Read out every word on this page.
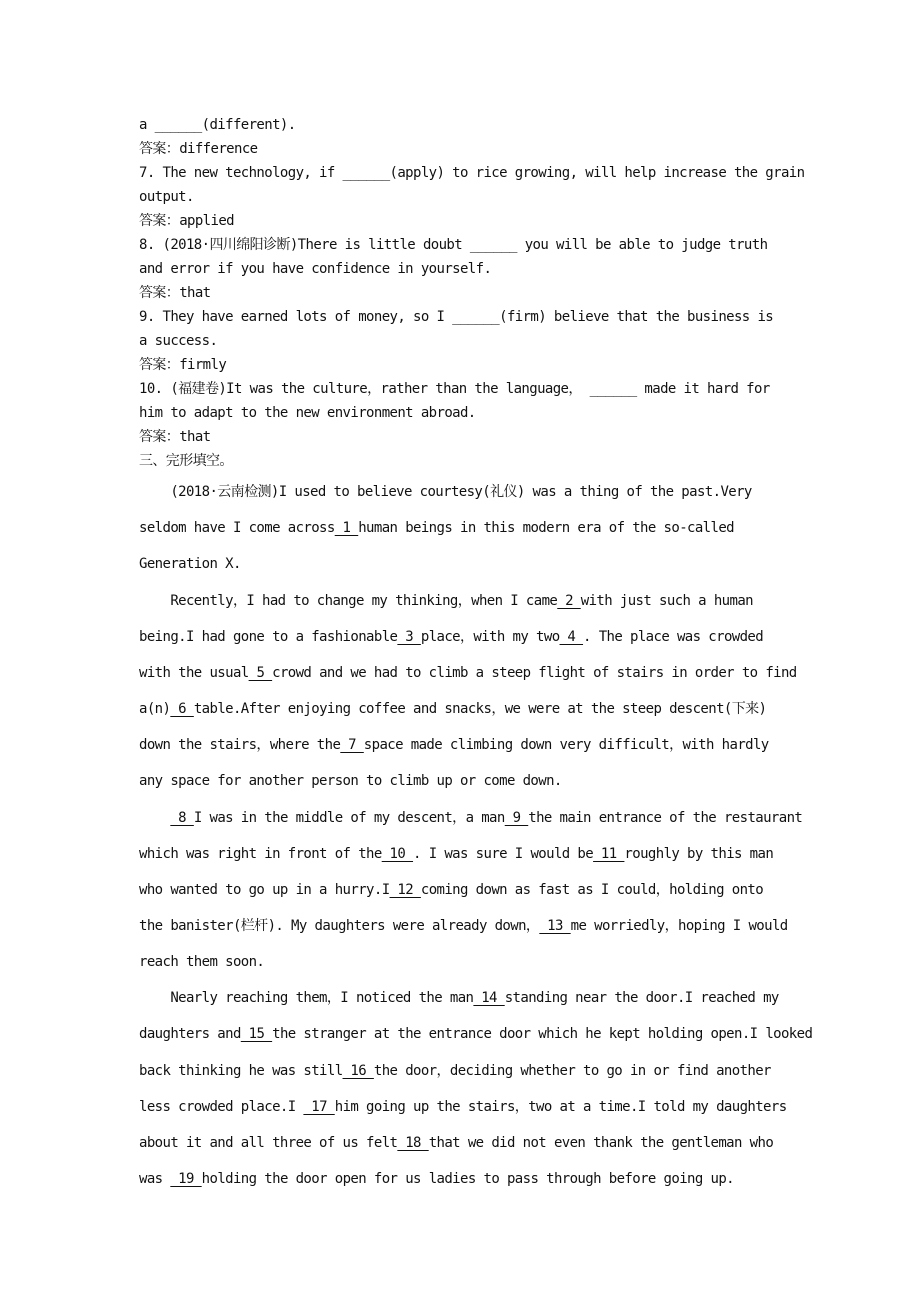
a ______(different).
答案：difference
7. The new technology, if ______(apply) to rice growing, will help increase the grain
output.
答案：applied
8. (2018·四川绵阳诊断)There is little doubt ______ you will be able to judge truth
and error if you have confidence in yourself.
答案：that
9. They have earned lots of money, so I ______(firm) believe that the business is
a success.
答案：firmly
10. (福建卷)It was the culture，rather than the language， ______ made it hard for
him to adapt to the new environment abroad.
答案：that
三、完形填空。
(2018·云南检测)I used to believe courtesy(礼仪) was a thing of the past.Very
seldom have I come across 1 human beings in this modern era of the so-called
Generation X.
Recently，I had to change my thinking，when I came 2 with just such a human
being.I had gone to a fashionable 3 place，with my two 4 . The place was crowded
with the usual 5 crowd and we had to climb a steep flight of stairs in order to find
a(n) 6 table.After enjoying coffee and snacks，we were at the steep descent(下来)
down the stairs，where the 7 space made climbing down very difficult，with hardly
any space for another person to climb up or come down.
8 I was in the middle of my descent，a man 9 the main entrance of the restaurant
which was right in front of the 10 . I was sure I would be 11 roughly by this man
who wanted to go up in a hurry.I 12 coming down as fast as I could，holding onto
the banister(栏杆). My daughters were already down， 13 me worriedly，hoping I would
reach them soon.
Nearly reaching them，I noticed the man 14 standing near the door.I reached my
daughters and 15 the stranger at the entrance door which he kept holding open.I looked
back thinking he was still 16 the door，deciding whether to go in or find another
less crowded place.I  17 him going up the stairs，two at a time.I told my daughters
about it and all three of us felt 18 that we did not even thank the gentleman who
was  19 holding the door open for us ladies to pass through before going up.
